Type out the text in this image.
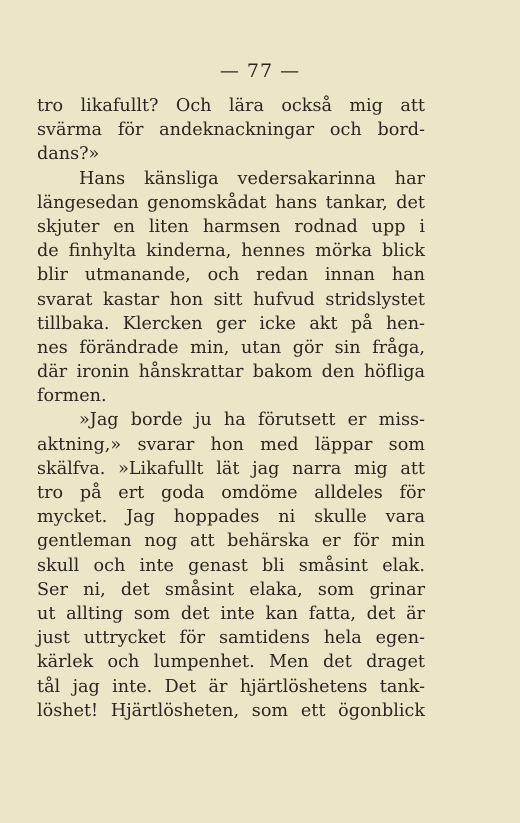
— 77 —
tro likafullt? Och lära också mig att
svärma för andeknackningar och bord-
dans?»
Hans känsliga vedersakarinna har
längesedan genomskådat hans tankar, det
skjuter en liten harmsen rodnad upp i
de finhylta kinderna, hennes mörka blick
blir utmanande, och redan innan han
svarat kastar hon sitt hufvud stridslystet
tillbaka. Klercken ger icke akt på hen-
nes förändrade min, utan gör sin fråga,
där ironin hånskrattar bakom den höfliga
formen.
»Jag borde ju ha förutsett er miss-
aktning,» svarar hon med läppar som
skälfva. »Likafullt lät jag narra mig att
tro på ert goda omdöme alldeles för
mycket. Jag hoppades ni skulle vara
gentleman nog att behärska er för min
skull och inte genast bli småsint elak.
Ser ni, det småsint elaka, som grinar
ut allting som det inte kan fatta, det är
just uttrycket för samtidens hela egen-
kärlek och lumpenhet. Men det draget
tål jag inte. Det är hjärtlöshetens tank-
löshet! Hjärtlösheten, som ett ögonblick
